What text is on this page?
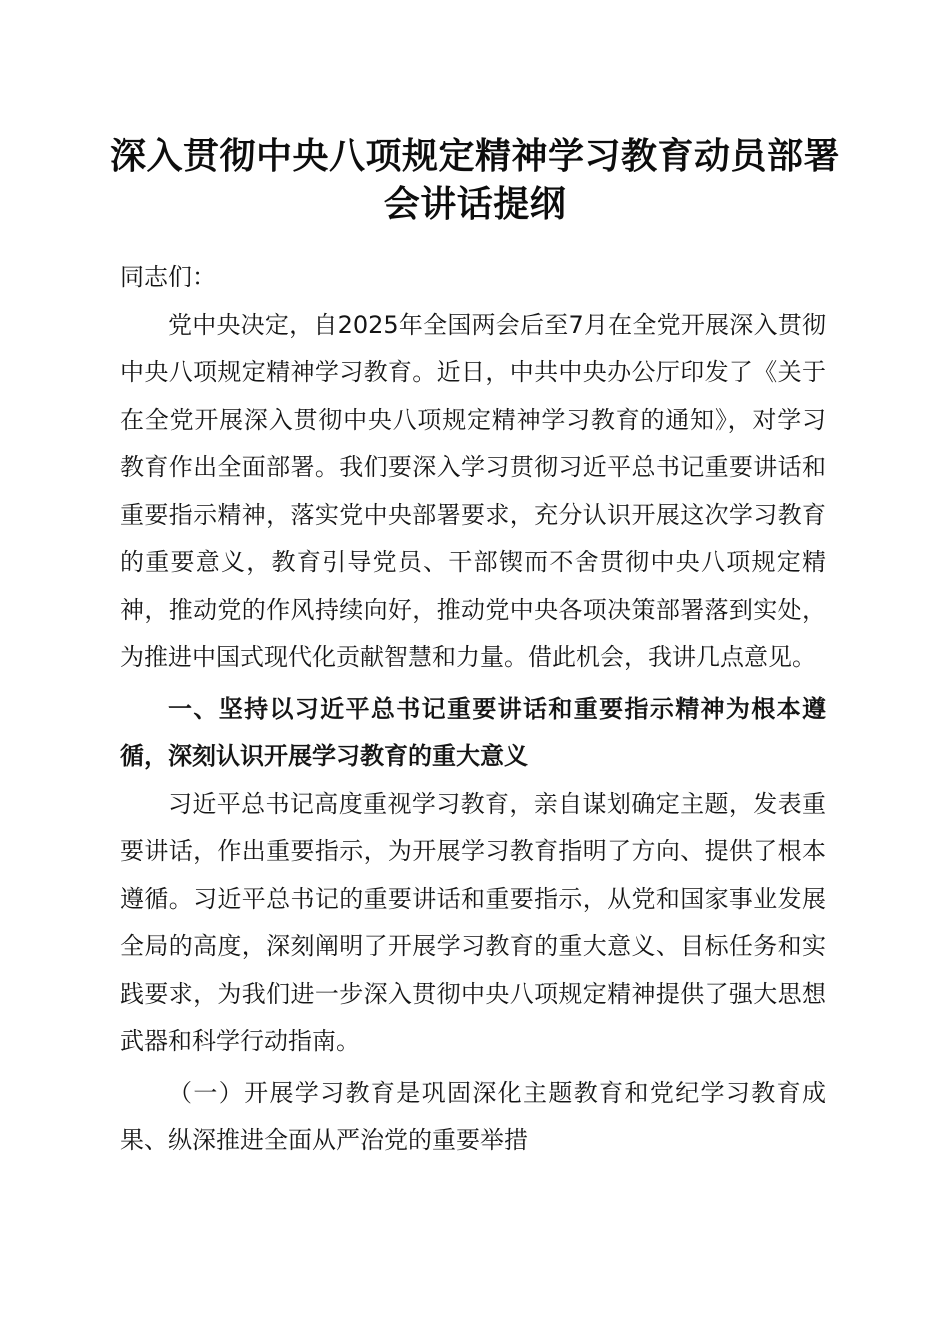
深入贯彻中央八项规定精神学习教育动员部署会讲话提纲

同志们：

党中央决定，自2025年全国两会后至7月在全党开展深入贯彻中央八项规定精神学习教育。近日，中共中央办公厅印发了《关于在全党开展深入贯彻中央八项规定精神学习教育的通知》，对学习教育作出全面部署。我们要深入学习贯彻习近平总书记重要讲话和重要指示精神，落实党中央部署要求，充分认识开展这次学习教育的重要意义，教育引导党员、干部锲而不舍贯彻中央八项规定精神，推动党的作风持续向好，推动党中央各项决策部署落到实处，为推进中国式现代化贡献智慧和力量。借此机会，我讲几点意见。

一、坚持以习近平总书记重要讲话和重要指示精神为根本遵循，深刻认识开展学习教育的重大意义

习近平总书记高度重视学习教育，亲自谋划确定主题，发表重要讲话，作出重要指示，为开展学习教育指明了方向、提供了根本遵循。习近平总书记的重要讲话和重要指示，从党和国家事业发展全局的高度，深刻阐明了开展学习教育的重大意义、目标任务和实践要求，为我们进一步深入贯彻中央八项规定精神提供了强大思想武器和科学行动指南。

（一）开展学习教育是巩固深化主题教育和党纪学习教育成果、纵深推进全面从严治党的重要举措
